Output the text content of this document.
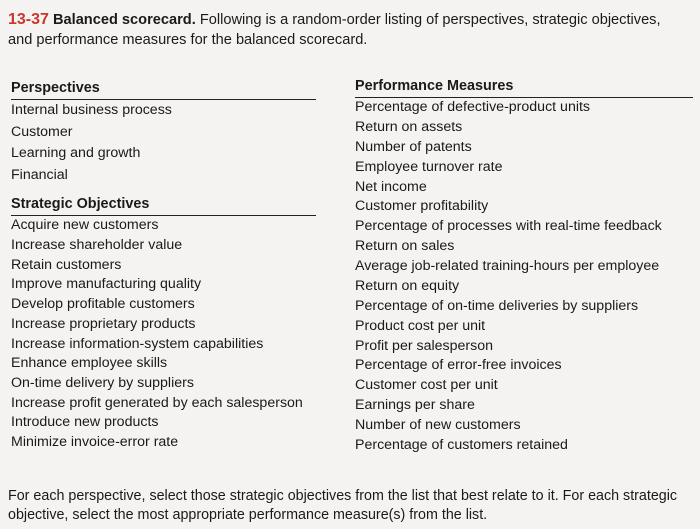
13-37 Balanced scorecard. Following is a random-order listing of perspectives, strategic objectives,
and performance measures for the balanced scorecard.
Perspectives
Internal business process
Customer
Learning and growth
Financial
Strategic Objectives
Acquire new customers
Increase shareholder value
Retain customers
Improve manufacturing quality
Develop profitable customers
Increase proprietary products
Increase information-system capabilities
Enhance employee skills
On-time delivery by suppliers
Increase profit generated by each salesperson
Introduce new products
Minimize invoice-error rate
Performance Measures
Percentage of defective-product units
Return on assets
Number of patents
Employee turnover rate
Net income
Customer profitability
Percentage of processes with real-time feedback
Return on sales
Average job-related training-hours per employee
Return on equity
Percentage of on-time deliveries by suppliers
Product cost per unit
Profit per salesperson
Percentage of error-free invoices
Customer cost per unit
Earnings per share
Number of new customers
Percentage of customers retained
For each perspective, select those strategic objectives from the list that best relate to it. For each strategic objective, select the most appropriate performance measure(s) from the list.
